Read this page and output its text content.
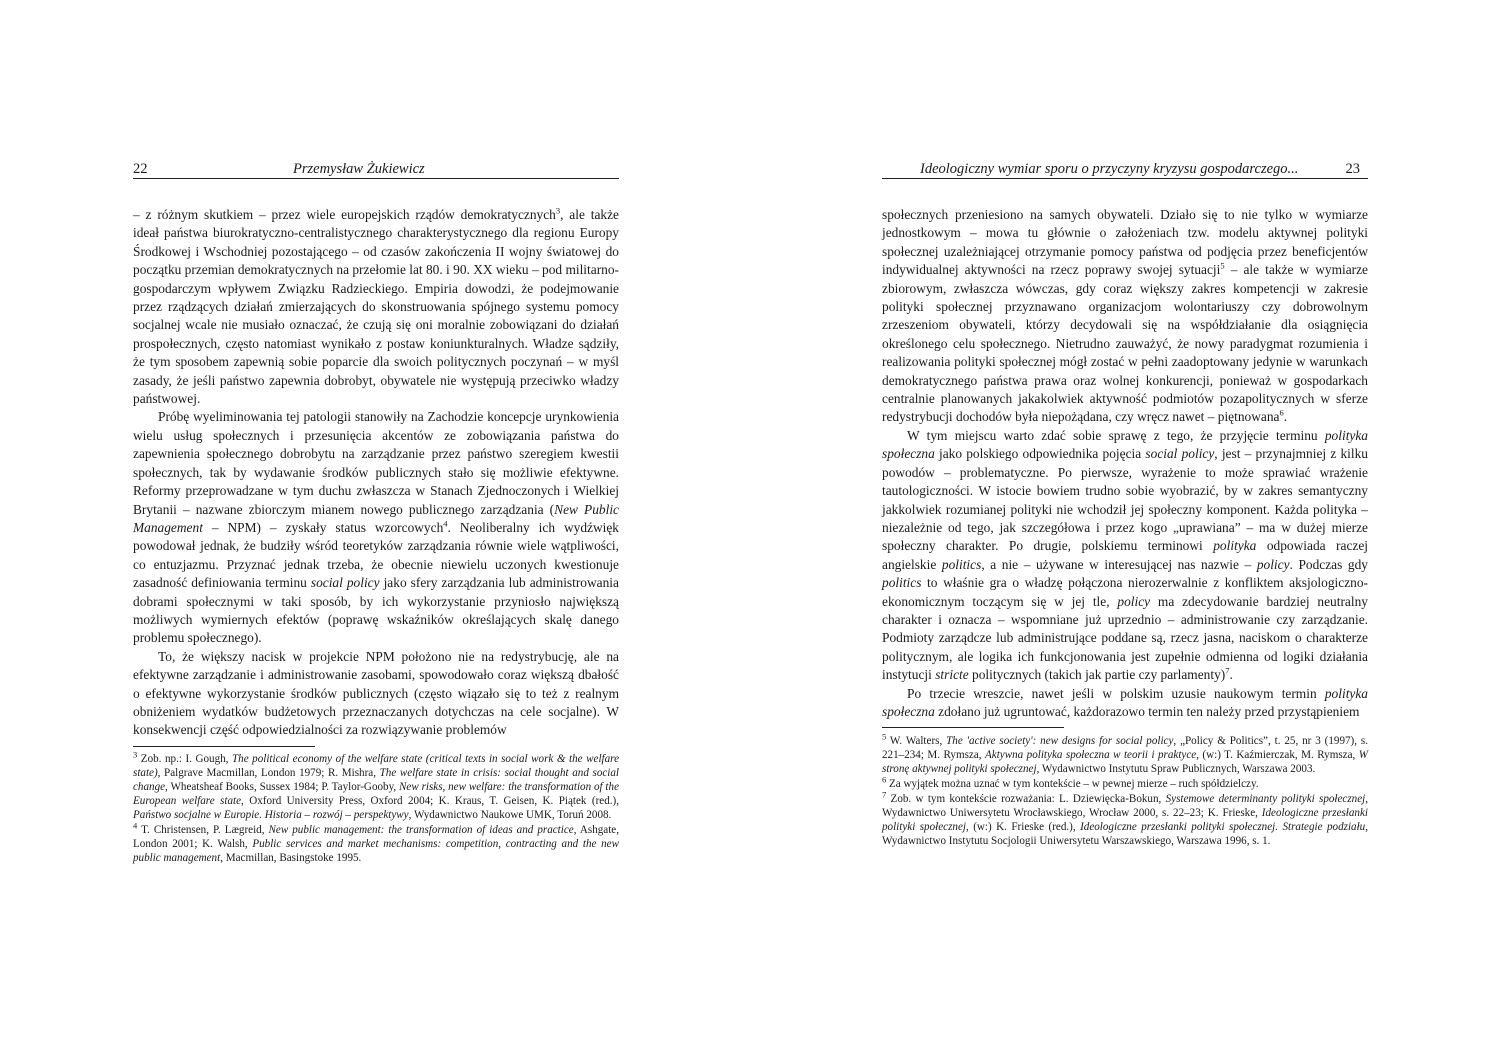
22	Przemysław Żukiewicz

– z różnym skutkiem – przez wiele europejskich rządów demokratycznych$^3$, ale także ideał państwa biurokratyczno-centralistycznego charakterystycznego dla regionu Europy Środkowej i Wschodniej pozostającego – od czasów zakończenia II wojny światowej do początku przemian demokratycznych na przełomie lat 80. i 90. XX wieku – pod militarno-gospodarczym wpływem Związku Radzieckiego. Empiria dowodzi, że podejmowanie przez rządzących działań zmierzających do skonstruowania spójnego systemu pomocy socjalnej wcale nie musiało oznaczać, że czują się oni moralnie zobowiązani do działań prospołecznych, często natomiast wynikało z postaw koniunkturalnych. Władze sądziły, że tym sposobem zapewnią sobie poparcie dla swoich politycznych poczynań – w myśl zasady, że jeśli państwo zapewnia dobrobyt, obywatele nie występują przeciwko władzy państwowej.

Próbę wyeliminowania tej patologii stanowiły na Zachodzie koncepcje urynkowienia wielu usług społecznych i przesunięcia akcentów ze zobowiązania państwa do zapewnienia społecznego dobrobytu na zarządzanie przez państwo szeregiem kwestii społecznych, tak by wydawanie środków publicznych stało się możliwie efektywne. Reformy przeprowadzane w tym duchu zwłaszcza w Stanach Zjednoczonych i Wielkiej Brytanii – nazwane zbiorczym mianem nowego publicznego zarządzania (New Public Management – NPM) – zyskały status wzorcowych$^4$. Neoliberalny ich wydźwięk powodował jednak, że budziły wśród teoretyków zarządzania równie wiele wątpliwości, co entuzjazmu. Przyznać jednak trzeba, że obecnie niewielu uczonych kwestionuje zasadność definiowania terminu social policy jako sfery zarządzania lub administrowania dobrami społecznymi w taki sposób, by ich wykorzystanie przyniosło największą możliwych wymiernych efektów (poprawę wskaźników określających skalę danego problemu społecznego).

To, że większy nacisk w projekcie NPM położono nie na redystrybucję, ale na efektywne zarządzanie i administrowanie zasobami, spowodowało coraz większą dbałość o efektywne wykorzystanie środków publicznych (często wiązało się to też z realnym obniżeniem wydatków budżetowych przeznaczanych dotychczas na cele socjalne). W konsekwencji część odpowiedzialności za rozwiązywanie problemów

$^3$ Zob. np.: I. Gough, The political economy of the welfare state (critical texts in social work & the welfare state), Palgrave Macmillan, London 1979; R. Mishra, The welfare state in crisis: social thought and social change, Wheatsheaf Books, Sussex 1984; P. Taylor-Gooby, New risks, new welfare: the transformation of the European welfare state, Oxford University Press, Oxford 2004; K. Kraus, T. Geisen, K. Piątek (red.), Państwo socjalne w Europie. Historia – rozwój – perspektywy, Wydawnictwo Naukowe UMK, Toruń 2008.

$^4$ T. Christensen, P. Lægreid, New public management: the transformation of ideas and practice, Ashgate, London 2001; K. Walsh, Public services and market mechanisms: competition, contracting and the new public management, Macmillan, Basingstoke 1995.

Ideologiczny wymiar sporu o przyczyny kryzysu gospodarczego...	23

społecznych przeniesiono na samych obywateli. Działo się to nie tylko w wymiarze jednostkowym – mowa tu głównie o założeniach tzw. modelu aktywnej polityki społecznej uzależniającej otrzymanie pomocy państwa od podjęcia przez beneficjentów indywidualnej aktywności na rzecz poprawy swojej sytuacji$^5$ – ale także w wymiarze zbiorowym, zwłaszcza wówczas, gdy coraz większy zakres kompetencji w zakresie polityki społecznej przyznawano organizacjom wolontariuszy czy dobrowolnym zrzeszeniom obywateli, którzy decydowali się na współdziałanie dla osiągnięcia określonego celu społecznego. Nietrudno zauważyć, że nowy paradygmat rozumienia i realizowania polityki społecznej mógł zostać w pełni zaadoptowany jedynie w warunkach demokratycznego państwa prawa oraz wolnej konkurencji, ponieważ w gospodarkach centralnie planowanych jakakolwiek aktywność podmiotów pozapolitycznych w sferze redystrybucji dochodów była niepożądana, czy wręcz nawet – piętnowana$^6$.

W tym miejscu warto zdać sobie sprawę z tego, że przyjęcie terminu polityka społeczna jako polskiego odpowiednika pojęcia social policy, jest – przynajmniej z kilku powodów – problematyczne. Po pierwsze, wyrażenie to może sprawiać wrażenie tautologiczności. W istocie bowiem trudno sobie wyobrazić, by w zakres semantyczny jakkolwiek rozumianej polityki nie wchodził jej społeczny komponent. Każda polityka – niezależnie od tego, jak szczegółowa i przez kogo „uprawiana” – ma w dużej mierze społeczny charakter. Po drugie, polskiemu terminowi polityka odpowiada raczej angielskie politics, a nie – używane w interesującej nas nazwie – policy. Podczas gdy politics to właśnie gra o władzę połączona nierozerwalnie z konfliktem aksjologiczno-ekonomicznym toczącym się w jej tle, policy ma zdecydowanie bardziej neutralny charakter i oznacza – wspomniane już uprzednio – administrowanie czy zarządzanie. Podmioty zarządcze lub administrujące poddane są, rzecz jasna, naciskom o charakterze politycznym, ale logika ich funkcjonowania jest zupełnie odmienna od logiki działania instytucji stricte politycznych (takich jak partie czy parlamenty)$^7$.

Po trzecie wreszcie, nawet jeśli w polskim uzusie naukowym termin polityka społeczna zdołano już ugruntować, każdorazowo termin ten należy przed przystąpieniem

$^5$ W. Walters, The 'active society': new designs for social policy, „Policy & Politics”, t. 25, nr 3 (1997), s. 221–234; M. Rymsza, Aktywna polityka społeczna w teorii i praktyce, (w:) T. Kaźmierczak, M. Rymsza, W stronę aktywnej polityki społecznej, Wydawnictwo Instytutu Spraw Publicznych, Warszawa 2003.

$^6$ Za wyjątek można uznać w tym kontekście – w pewnej mierze – ruch spółdzielczy.

$^7$ Zob. w tym kontekście rozważania: L. Dziewięcka-Bokun, Systemowe determinanty polityki społecznej, Wydawnictwo Uniwersytetu Wrocławskiego, Wrocław 2000, s. 22–23; K. Frieske, Ideologiczne przesłanki polityki społecznej, (w:) K. Frieske (red.), Ideologiczne przesłanki polityki społecznej. Strategie podziału, Wydawnictwo Instytutu Socjologii Uniwersytetu Warszawskiego, Warszawa 1996, s. 1.
